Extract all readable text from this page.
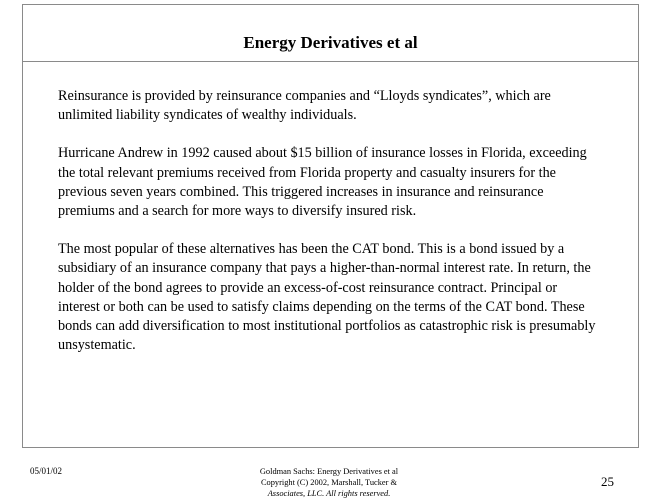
Energy Derivatives et al

Reinsurance is provided by reinsurance companies and “Lloyds syndicates”, which are unlimited liability syndicates of wealthy individuals.

Hurricane Andrew in 1992 caused about $15 billion of insurance losses in Florida, exceeding the total relevant premiums received from Florida property and casualty insurers for the previous seven years combined. This triggered increases in insurance and reinsurance premiums and a search for more ways to diversify insured risk.

The most popular of these alternatives has been the CAT bond. This is a bond issued by a subsidiary of an insurance company that pays a higher-than-normal interest rate. In return, the holder of the bond agrees to provide an excess-of-cost reinsurance contract. Principal or interest or both can be used to satisfy claims depending on the terms of the CAT bond. These bonds can add diversification to most institutional portfolios as catastrophic risk is presumably unsystematic.

05/01/02	Goldman Sachs: Energy Derivatives et al
Copyright (C) 2002, Marshall, Tucker &
Associates, LLC. All rights reserved.
25
